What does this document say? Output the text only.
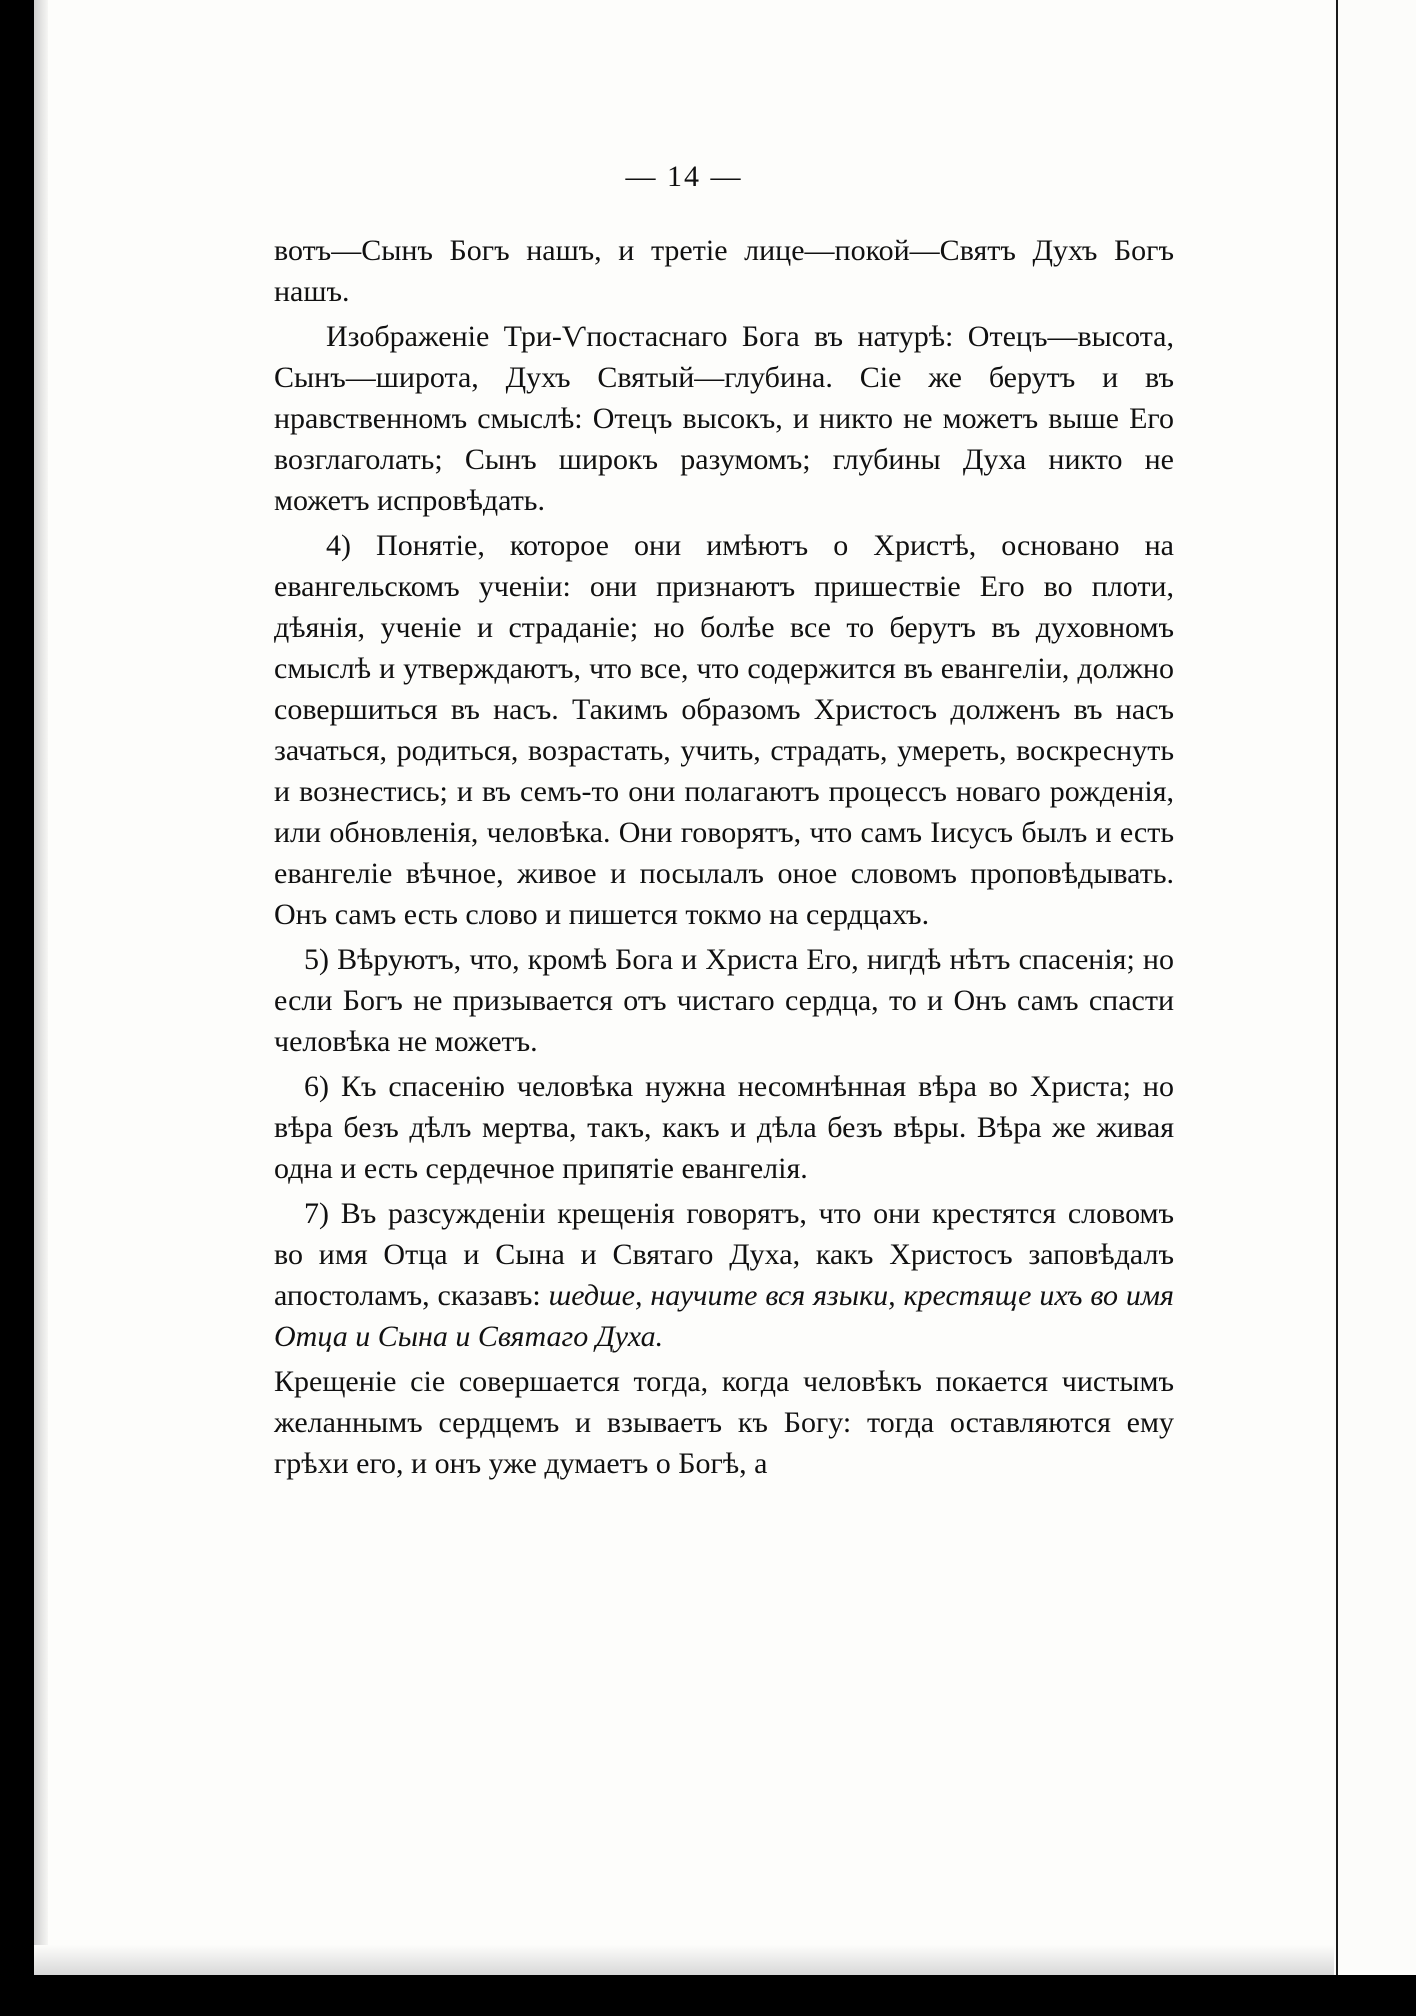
— 14 —

вотъ—Сынъ Богъ нашъ, и третіе лице—покой—Святъ Духъ Богъ нашъ.

Изображеніе Три-Ѵпостаснаго Бога въ натурѣ: Отецъ—высота, Сынъ—широта, Духъ Святый—глубина. Сіе же берутъ и въ нравственномъ смыслѣ: Отецъ высокъ, и никто не можетъ выше Его возглаголать; Сынъ широкъ разумомъ; глубины Духа никто не можетъ испровѣдать.

4) Понятіе, которое они имѣютъ о Христѣ, основано на евангельскомъ ученіи: они признаютъ пришествіе Его во плоти, дѣянія, ученіе и страданіе; но болѣе все то берутъ въ духовномъ смыслѣ и утверждаютъ, что все, что содержится въ евангеліи, должно совершиться въ насъ. Такимъ образомъ Христосъ долженъ въ насъ зачаться, родиться, возрастать, учить, страдать, умереть, воскреснуть и вознестись; и въ семъ-то они полагаютъ процессъ новаго рожденія, или обновленія, человѣка. Они говорятъ, что самъ Іисусъ былъ и есть евангеліе вѣчное, живое и посылалъ оное словомъ проповѣдывать. Онъ самъ есть слово и пишется токмо на сердцахъ.

5) Вѣруютъ, что, кромѣ Бога и Христа Его, нигдѣ нѣтъ спасенія; но если Богъ не призывается отъ чистаго сердца, то и Онъ самъ спасти человѣка не можетъ.

6) Къ спасенію человѣка нужна несомнѣнная вѣра во Христа; но вѣра безъ дѣлъ мертва, такъ, какъ и дѣла безъ вѣры. Вѣра же живая одна и есть сердечное припятіе евангелія.

7) Въ разсужденіи крещенія говорятъ, что они крестятся словомъ во имя Отца и Сына и Святаго Духа, какъ Христосъ заповѣдалъ апостоламъ, сказавъ: шедше, научите вся языки, крестяще ихъ во имя Отца и Сына и Святаго Духа.

Крещеніе сіе совершается тогда, когда человѣкъ покается чистымъ желаннымъ сердцемъ и взываетъ къ Богу: тогда оставляются ему грѣхи его, и онъ уже думаетъ о Богѣ, а
